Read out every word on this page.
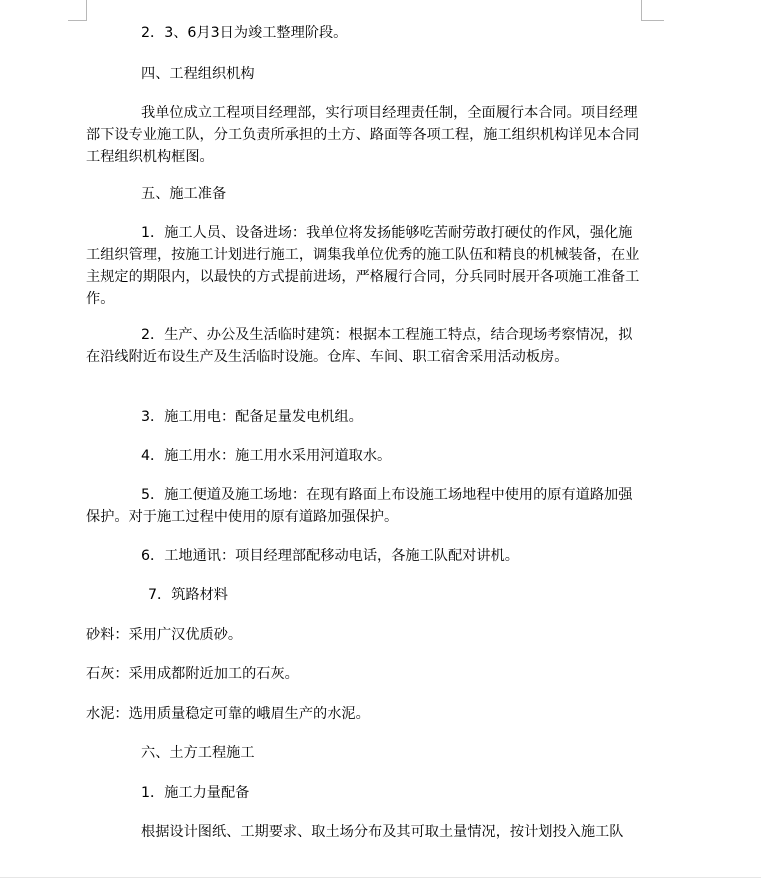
2．3、6月3日为竣工整理阶段。
四、工程组织机构
我单位成立工程项目经理部，实行项目经理责任制，全面履行本合同。项目经理部下设专业施工队，分工负责所承担的土方、路面等各项工程，施工组织机构详见本合同工程组织机构框图。
五、施工准备
1．施工人员、设备进场：我单位将发扬能够吃苦耐劳敢打硬仗的作风，强化施工组织管理，按施工计划进行施工，调集我单位优秀的施工队伍和精良的机械装备，在业主规定的期限内，以最快的方式提前进场，严格履行合同，分兵同时展开各项施工准备工作。
2．生产、办公及生活临时建筑：根据本工程施工特点，结合现场考察情况，拟在沿线附近布设生产及生活临时设施。仓库、车间、职工宿舍采用活动板房。
3．施工用电：配备足量发电机组。
4．施工用水：施工用水采用河道取水。
5．施工便道及施工场地：在现有路面上布设施工场地程中使用的原有道路加强保护。对于施工过程中使用的原有道路加强保护。
6．工地通讯：项目经理部配移动电话，各施工队配对讲机。
7．筑路材料
砂料：采用广汉优质砂。
石灰：采用成都附近加工的石灰。
水泥：选用质量稳定可靠的峨眉生产的水泥。
六、土方工程施工
1．施工力量配备
根据设计图纸、工期要求、取土场分布及其可取土量情况，按计划投入施工队
